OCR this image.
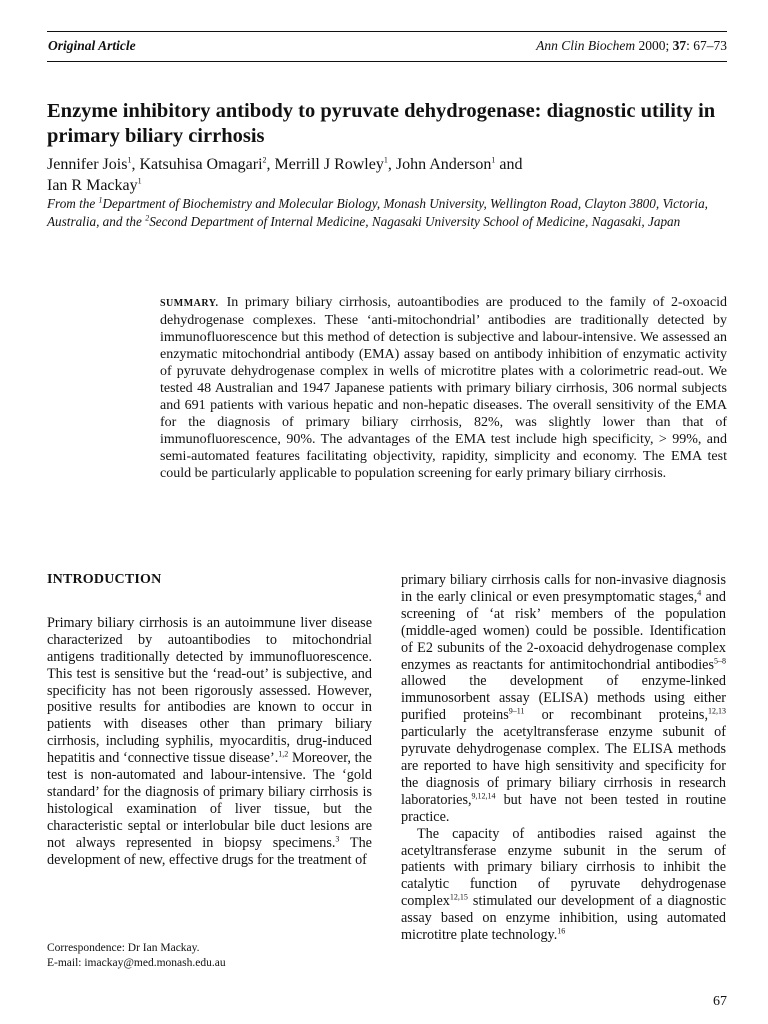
Original Article	Ann Clin Biochem 2000; 37: 67–73
Enzyme inhibitory antibody to pyruvate dehydrogenase: diagnostic utility in primary biliary cirrhosis

Jennifer Jois$^1$, Katsuhisa Omagari$^2$, Merrill J Rowley$^1$, John Anderson$^1$ and
Ian R Mackay$^1$

From the $^1$Department of Biochemistry and Molecular Biology, Monash University, Wellington Road, Clayton 3800, Victoria, Australia, and the $^2$Second Department of Internal Medicine, Nagasaki University School of Medicine, Nagasaki, Japan

SUMMARY. In primary biliary cirrhosis, autoantibodies are produced to the family of 2-oxoacid dehydrogenase complexes. These ‘anti-mitochondrial’ antibodies are traditionally detected by immunofluorescence but this method of detection is subjective and labour-intensive. We assessed an enzymatic mitochondrial antibody (EMA) assay based on antibody inhibition of enzymatic activity of pyruvate dehydrogenase complex in wells of microtitre plates with a colorimetric read-out. We tested 48 Australian and 1947 Japanese patients with primary biliary cirrhosis, 306 normal subjects and 691 patients with various hepatic and non-hepatic diseases. The overall sensitivity of the EMA for the diagnosis of primary biliary cirrhosis, 82%, was slightly lower than that of immunofluorescence, 90%. The advantages of the EMA test include high specificity, > 99%, and semi-automated features facilitating objectivity, rapidity, simplicity and economy. The EMA test could be particularly applicable to population screening for early primary biliary cirrhosis.

INTRODUCTION

Primary biliary cirrhosis is an autoimmune liver disease characterized by autoantibodies to mitochondrial antigens traditionally detected by immunofluorescence. This test is sensitive but the ‘read-out’ is subjective, and specificity has not been rigorously assessed. However, positive results for antibodies are known to occur in patients with diseases other than primary biliary cirrhosis, including syphilis, myocarditis, drug-induced hepatitis and ‘connective tissue disease’.$^{1,2}$ Moreover, the test is non-automated and labour-intensive. The ‘gold standard’ for the diagnosis of primary biliary cirrhosis is histological examination of liver tissue, but the characteristic septal or interlobular bile duct lesions are not always represented in biopsy specimens.$^3$ The development of new, effective drugs for the treatment of

primary biliary cirrhosis calls for non-invasive diagnosis in the early clinical or even presymptomatic stages,$^4$ and screening of ‘at risk’ members of the population (middle-aged women) could be possible. Identification of E2 subunits of the 2-oxoacid dehydrogenase complex enzymes as reactants for antimitochondrial antibodies$^{5-8}$ allowed the development of enzyme-linked immunosorbent assay (ELISA) methods using either purified proteins$^{9-11}$ or recombinant proteins,$^{12,13}$ particularly the acetyltransferase enzyme subunit of pyruvate dehydrogenase complex. The ELISA methods are reported to have high sensitivity and specificity for the diagnosis of primary biliary cirrhosis in research laboratories,$^{9,12,14}$ but have not been tested in routine practice.

The capacity of antibodies raised against the acetyltransferase enzyme subunit in the serum of patients with primary biliary cirrhosis to inhibit the catalytic function of pyruvate dehydrogenase complex$^{12,15}$ stimulated our development of a diagnostic assay based on enzyme inhibition, using automated microtitre plate technology.$^{16}$

Correspondence: Dr Ian Mackay.
E-mail: imackay@med.monash.edu.au
67
